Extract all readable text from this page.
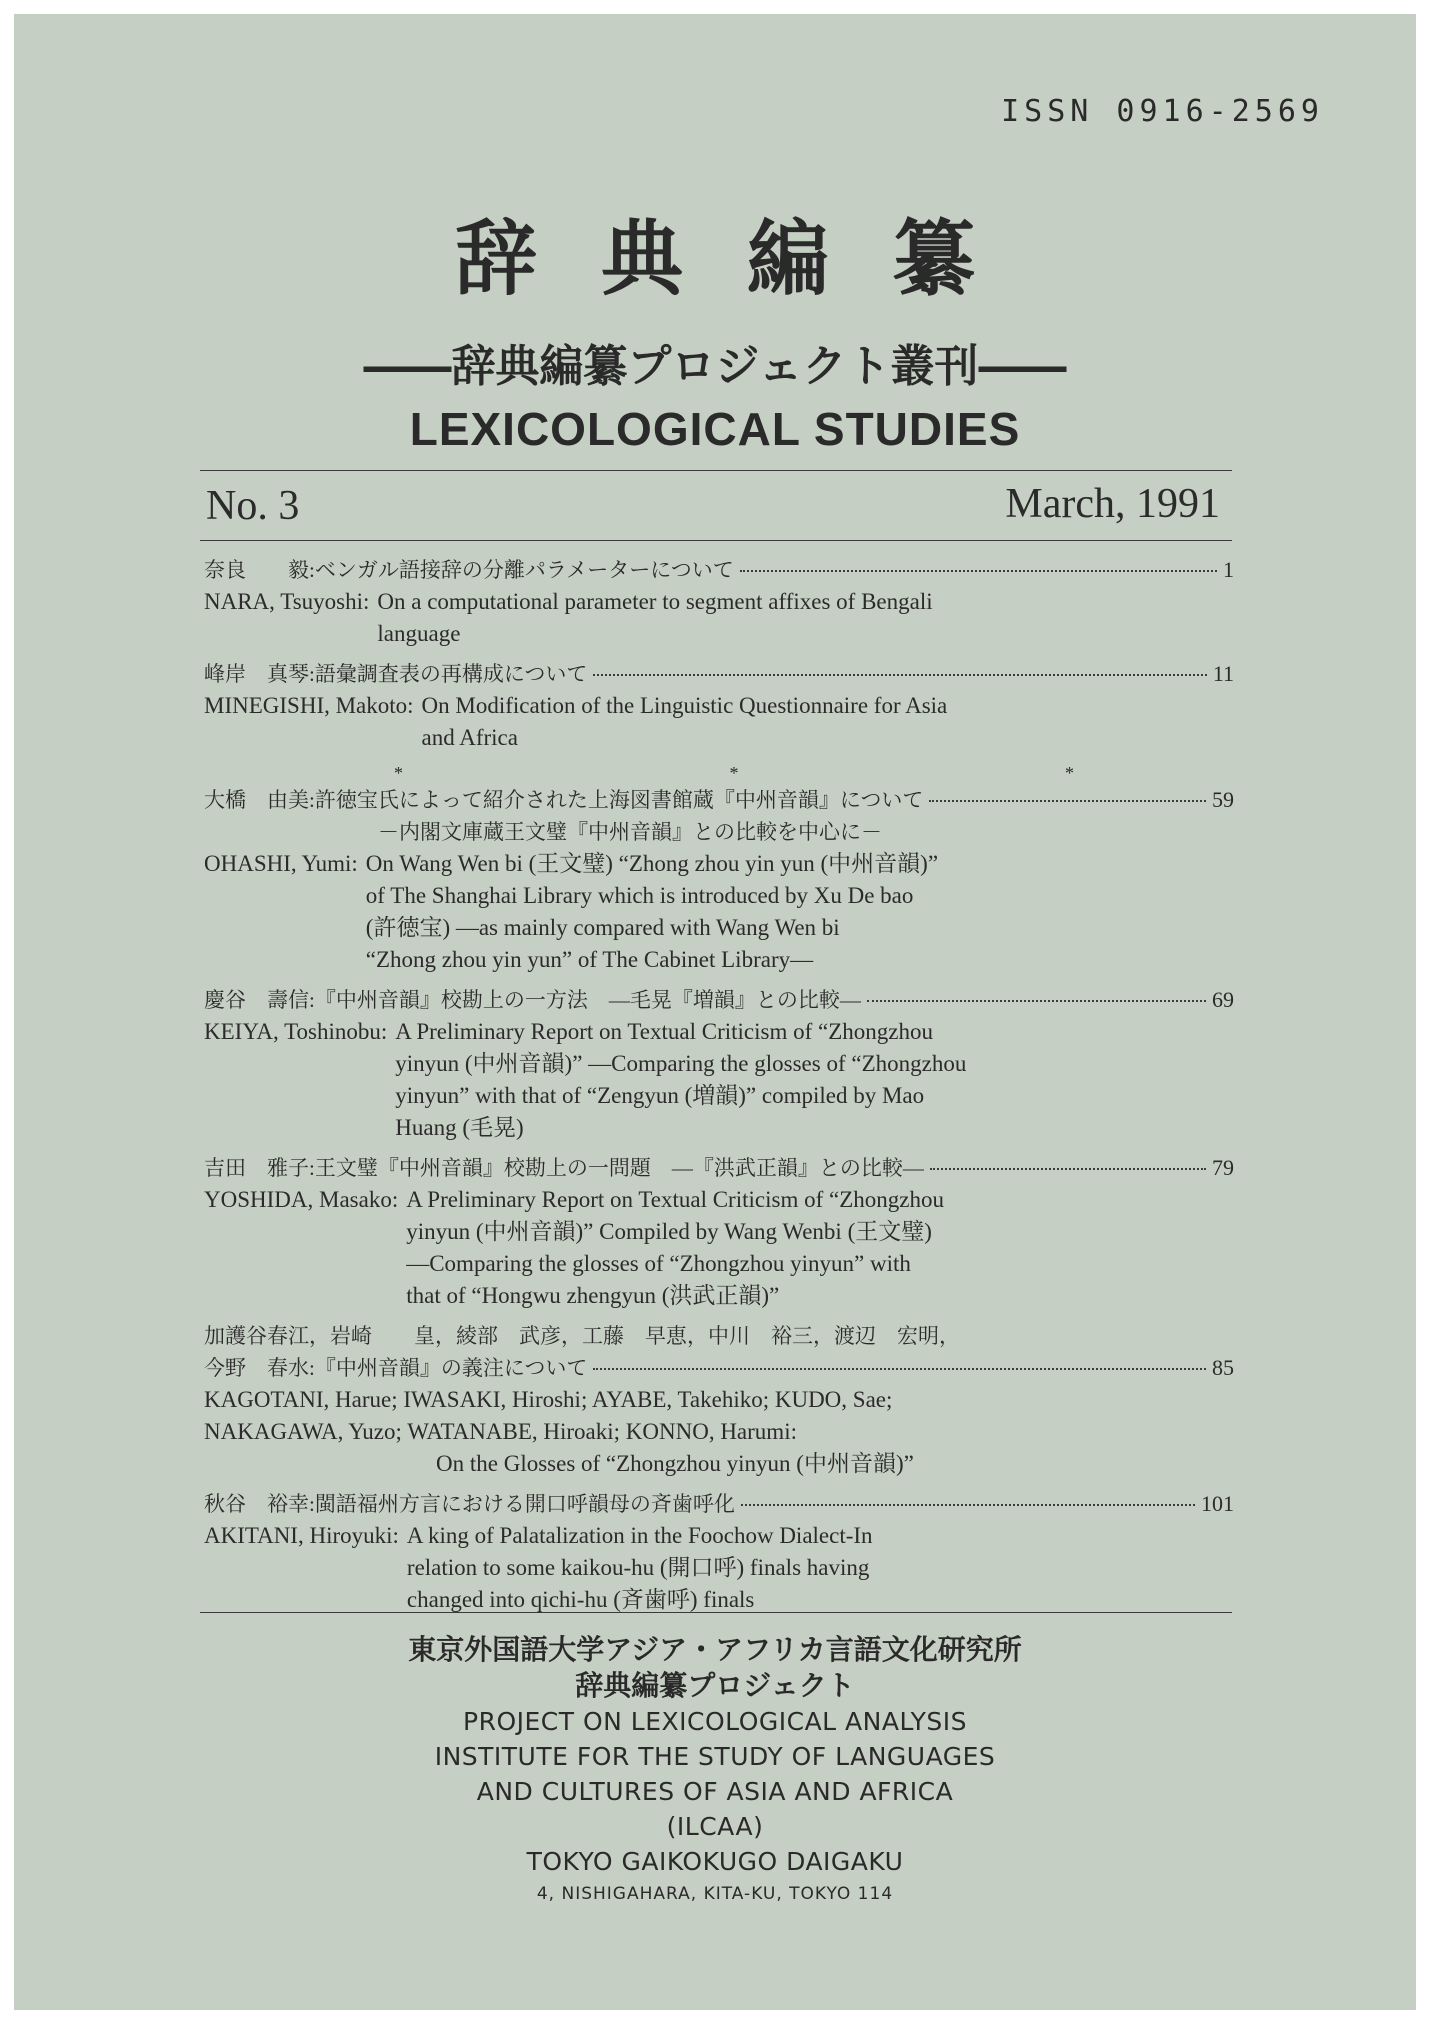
ISSN 0916-2569
辞典編纂
――辞典編纂プロジェクト叢刊――
LEXICOLOGICAL STUDIES
No. 3	March, 1991
奈良　　毅: ベンガル語接辞の分離パラメーターについて	1
NARA, Tsuyoshi: On a computational parameter to segment affixes of Bengali
language
峰岸　真琴: 語彙調査表の再構成について	11
MINEGISHI, Makoto: On Modification of the Linguistic Questionnaire for Asia
and Africa
*	*	*
大橋　由美: 許徳宝氏によって紹介された上海図書館蔵『中州音韻』について	59
－内閣文庫蔵王文璧『中州音韻』との比較を中心に－
OHASHI, Yumi: On Wang Wen bi (王文璧) “Zhong zhou yin yun (中州音韻)”
of The Shanghai Library which is introduced by Xu De bao
(許徳宝) —as mainly compared with Wang Wen bi
“Zhong zhou yin yun” of The Cabinet Library—
慶谷　壽信: 『中州音韻』校勘上の一方法　—毛晃『増韻』との比較—	69
KEIYA, Toshinobu: A Preliminary Report on Textual Criticism of “Zhongzhou
yinyun (中州音韻)” —Comparing the glosses of “Zhongzhou
yinyun” with that of “Zengyun (増韻)” compiled by Mao
Huang (毛晃)
吉田　雅子: 王文璧『中州音韻』校勘上の一問題　—『洪武正韻』との比較—	79
YOSHIDA, Masako: A Preliminary Report on Textual Criticism of “Zhongzhou
yinyun (中州音韻)” Compiled by Wang Wenbi (王文璧)
—Comparing the glosses of “Zhongzhou yinyun” with
that of “Hongwu zhengyun (洪武正韻)”
加護谷春江，岩崎　　皇，綾部　武彦，工藤　早恵，中川　裕三，渡辺　宏明，
今野　春水: 『中州音韻』の義注について	85
KAGOTANI, Harue; IWASAKI, Hiroshi; AYABE, Takehiko; KUDO, Sae;
NAKAGAWA, Yuzo; WATANABE, Hiroaki; KONNO, Harumi:
On the Glosses of “Zhongzhou yinyun (中州音韻)”
秋谷　裕幸: 閩語福州方言における開口呼韻母の斉歯呼化	101
AKITANI, Hiroyuki: A king of Palatalization in the Foochow Dialect-In
relation to some kaikou-hu (開口呼) finals having
changed into qichi-hu (斉歯呼) finals
東京外国語大学アジア・アフリカ言語文化研究所
辞典編纂プロジェクト
PROJECT ON LEXICOLOGICAL ANALYSIS
INSTITUTE FOR THE STUDY OF LANGUAGES
AND CULTURES OF ASIA AND AFRICA
(ILCAA)
TOKYO GAIKOKUGO DAIGAKU
4, NISHIGAHARA, KITA-KU, TOKYO 114
